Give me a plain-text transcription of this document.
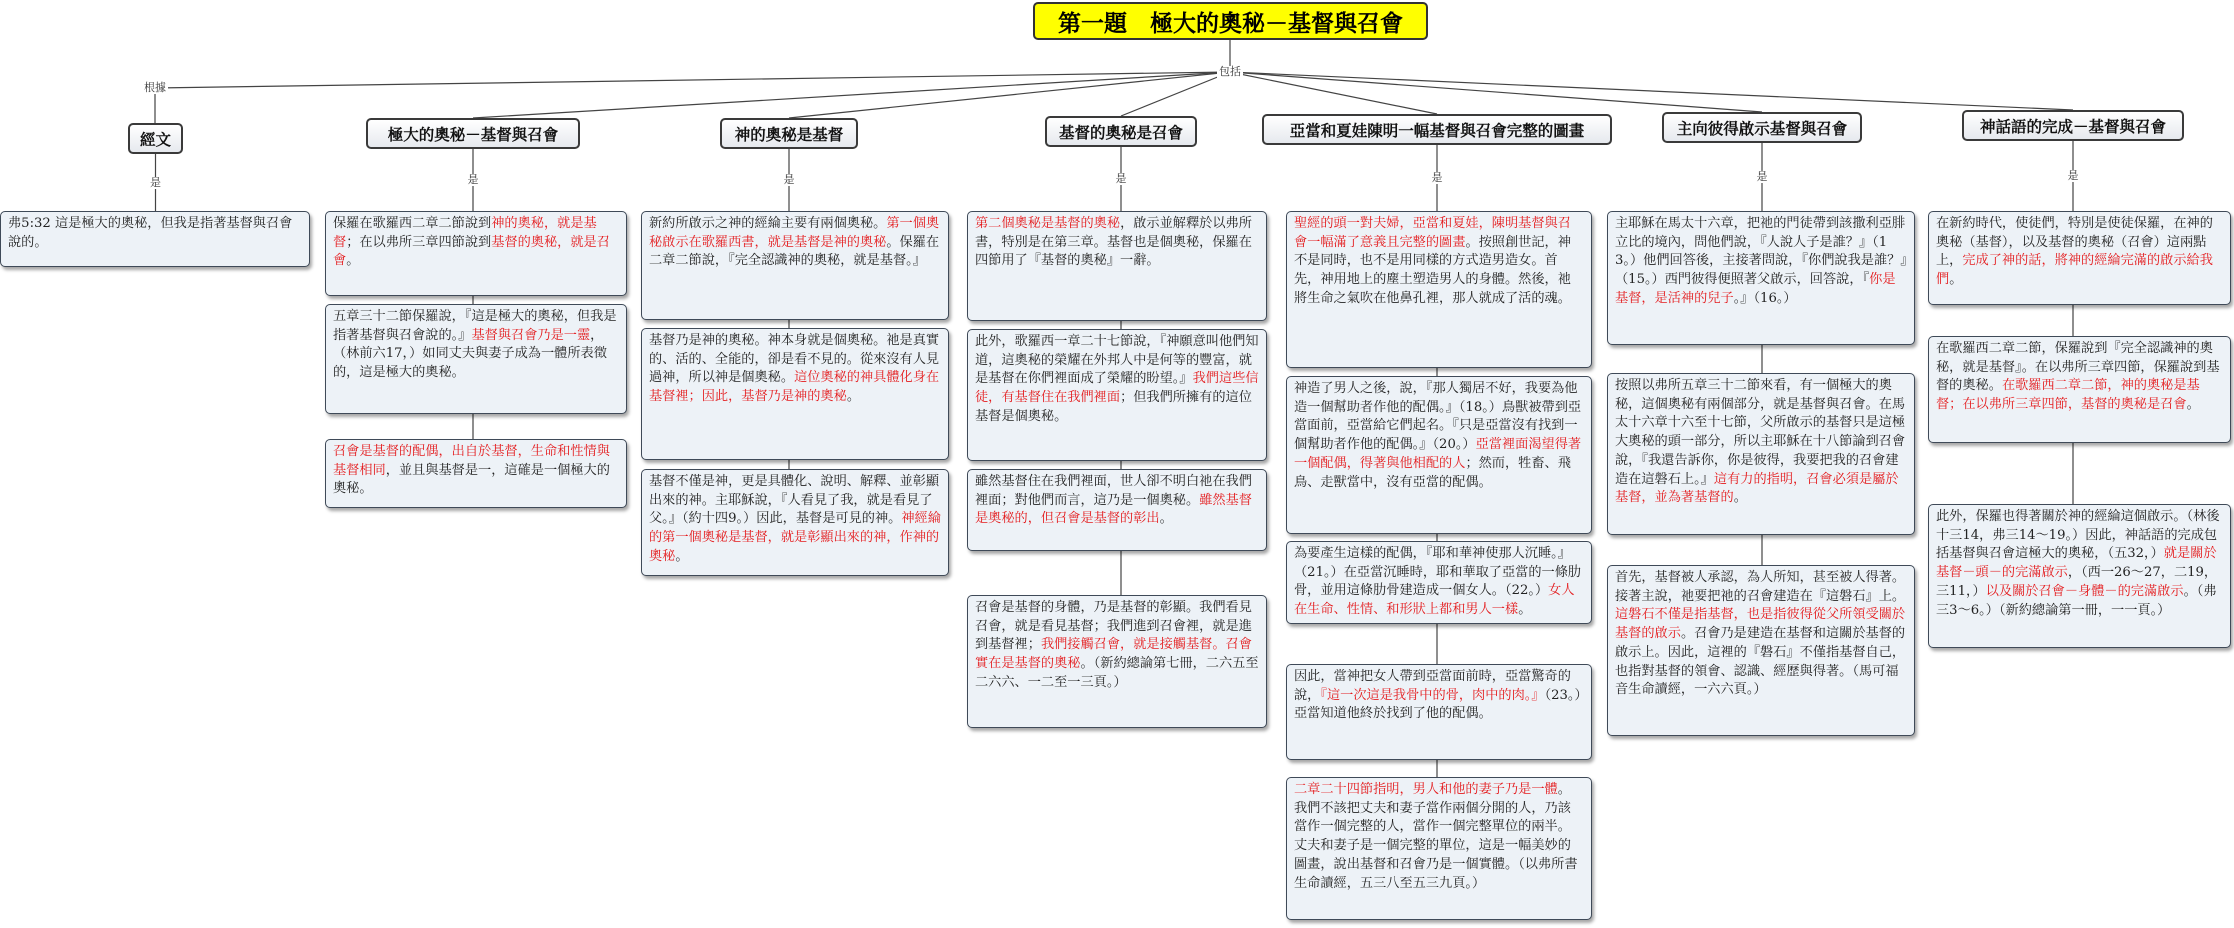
第一題　極大的奧秘－基督與召會
根據
包括
是	是	是	是	是	是	是
經文	極大的奧秘－基督與召會	神的奧秘是基督	基督的奧秘是召會	亞當和夏娃陳明一幅基督與召會完整的圖畫	主向彼得啟示基督與召會	神話語的完成－基督與召會
弗5:32 這是極大的奧秘，但我是指著基督與召會說的。
保羅在歌羅西二章二節說到神的奧秘，就是基督；在以弗所三章四節說到基督的奧秘，就是召會。
五章三十二節保羅說，『這是極大的奧秘，但我是指著基督與召會說的。』基督與召會乃是一靈，（林前六17，）如同丈夫與妻子成為一體所表徵的，這是極大的奧秘。
召會是基督的配偶，出自於基督，生命和性情與基督相同，並且與基督是一，這確是一個極大的奧秘。
新約所啟示之神的經綸主要有兩個奧秘。第一個奧秘啟示在歌羅西書，就是基督是神的奧秘。保羅在二章二節說，『完全認識神的奧秘，就是基督。』
基督乃是神的奧秘。神本身就是個奧秘。祂是真實的、活的、全能的，卻是看不見的。從來沒有人見過神，所以神是個奧秘。這位奧秘的神具體化身在基督裡；因此，基督乃是神的奧秘。
基督不僅是神，更是具體化、說明、解釋、並彰顯出來的神。主耶穌說，『人看見了我，就是看見了父。』（約十四9。）因此，基督是可見的神。神經綸的第一個奧秘是基督，就是彰顯出來的神，作神的奧秘。
第二個奧秘是基督的奧秘，啟示並解釋於以弗所書，特別是在第三章。基督也是個奧秘，保羅在四節用了『基督的奧秘』一辭。
此外，歌羅西一章二十七節說，『神願意叫他們知道，這奧秘的榮耀在外邦人中是何等的豐富，就是基督在你們裡面成了榮耀的盼望。』我們這些信徒，有基督住在我們裡面；但我們所擁有的這位基督是個奧秘。
雖然基督住在我們裡面，世人卻不明白祂在我們裡面；對他們而言，這乃是一個奧秘。雖然基督是奧秘的，但召會是基督的彰出。
召會是基督的身體，乃是基督的彰顯。我們看見召會，就是看見基督；我們進到召會裡，就是進到基督裡；我們接觸召會，就是接觸基督。召會實在是基督的奧秘。（新約總論第七冊，二六五至二六六、一二至一三頁。）
聖經的頭一對夫婦，亞當和夏娃，陳明基督與召會一幅滿了意義且完整的圖畫。按照創世記，神不是同時，也不是用同樣的方式造男造女。首先，神用地上的塵土塑造男人的身體。然後，祂將生命之氣吹在他鼻孔裡，那人就成了活的魂。
神造了男人之後，說，『那人獨居不好，我要為他造一個幫助者作他的配偶。』（18。）鳥獸被帶到亞當面前，亞當給它們起名。『只是亞當沒有找到一個幫助者作他的配偶。』（20。）亞當裡面渴望得著一個配偶，得著與他相配的人；然而，牲畜、飛鳥、走獸當中，沒有亞當的配偶。
為要產生這樣的配偶，『耶和華神使那人沉睡。』（21。）在亞當沉睡時，耶和華取了亞當的一條肋骨，並用這條肋骨建造成一個女人。（22。）女人在生命、性情、和形狀上都和男人一樣。
因此，當神把女人帶到亞當面前時，亞當驚奇的說，『這一次這是我骨中的骨，肉中的肉。』（23。）亞當知道他終於找到了他的配偶。
二章二十四節指明，男人和他的妻子乃是一體。我們不該把丈夫和妻子當作兩個分開的人，乃該當作一個完整的人，當作一個完整單位的兩半。丈夫和妻子是一個完整的單位，這是一幅美妙的圖畫，說出基督和召會乃是一個實體。（以弗所書生命讀經，五三八至五三九頁。）
主耶穌在馬太十六章，把祂的門徒帶到該撒利亞腓立比的境內，問他們說，『人說人子是誰？』（13。）他們回答後，主接著問說，『你們說我是誰？』（15。）西門彼得便照著父啟示，回答說，『你是基督，是活神的兒子。』（16。）
按照以弗所五章三十二節來看，有一個極大的奧秘，這個奧秘有兩個部分，就是基督與召會。在馬太十六章十六至十七節，父所啟示的基督只是這極大奧秘的頭一部分，所以主耶穌在十八節論到召會說，『我還告訴你，你是彼得，我要把我的召會建造在這磐石上。』這有力的指明，召會必須是屬於基督，並為著基督的。
首先，基督被人承認，為人所知，甚至被人得著。接著主說，祂要把祂的召會建造在『這磐石』上。這磐石不僅是指基督，也是指彼得從父所領受關於基督的啟示。召會乃是建造在基督和這關於基督的啟示上。因此，這裡的『磐石』不僅指基督自己，也指對基督的領會、認識、經歷與得著。（馬可福音生命讀經，一六六頁。）
在新約時代，使徒們，特別是使徒保羅，在神的奧秘（基督），以及基督的奧秘（召會）這兩點上，完成了神的話，將神的經綸完滿的啟示給我們。
在歌羅西二章二節，保羅說到『完全認識神的奧秘，就是基督』。在以弗所三章四節，保羅說到基督的奧秘。在歌羅西二章二節，神的奧秘是基督；在以弗所三章四節，基督的奧秘是召會。
此外，保羅也得著關於神的經綸這個啟示。（林後十三14，弗三14～19。）因此，神話語的完成包括基督與召會這極大的奧秘，（五32，）就是關於基督－頭－的完滿啟示，（西一26～27，二19，三11，）以及關於召會－身體－的完滿啟示。（弗三3～6。）（新約總論第一冊，一一頁。）
